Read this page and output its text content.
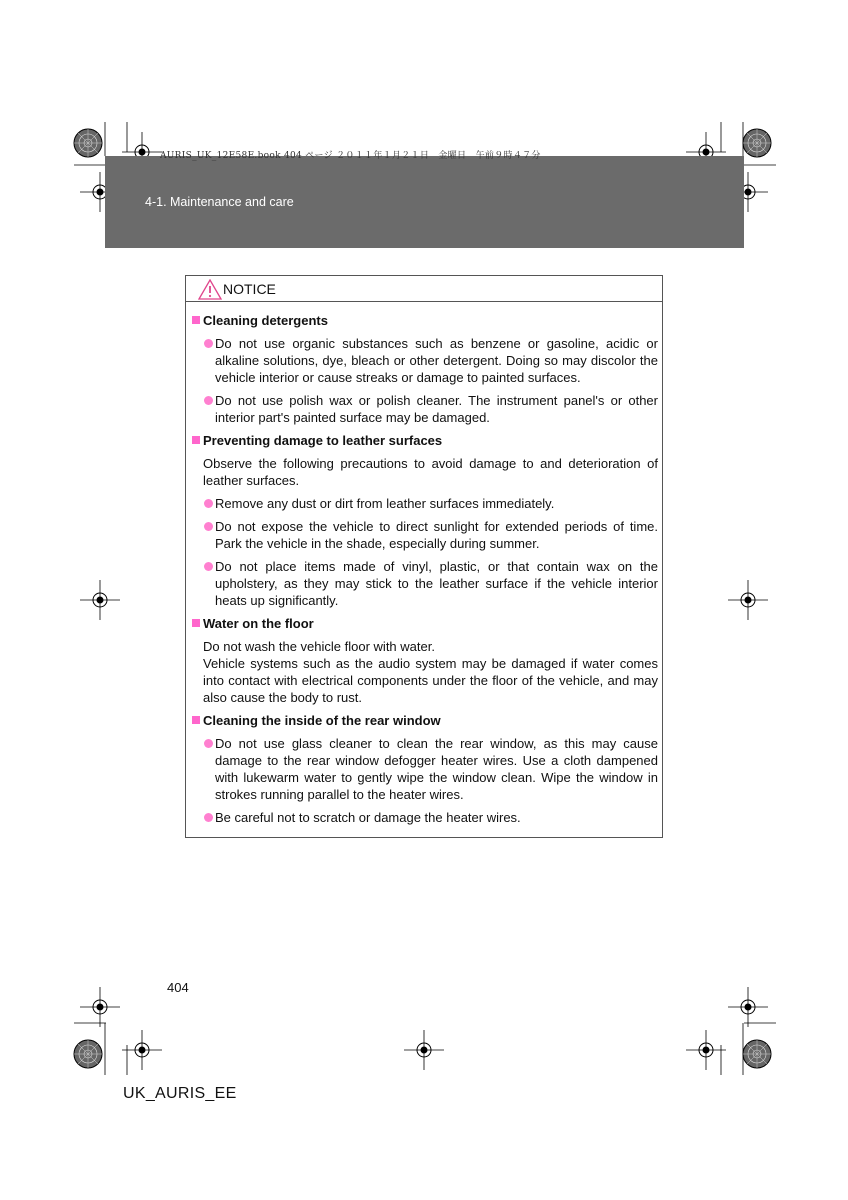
AURIS_UK_12E58E.book 404 ページ ２０１１年１月２１日　金曜日　午前９時４７分
4-1. Maintenance and care
NOTICE
Cleaning detergents
Do not use organic substances such as benzene or gasoline, acidic or alkaline solutions, dye, bleach or other detergent. Doing so may discolor the vehicle interior or cause streaks or damage to painted surfaces.
Do not use polish wax or polish cleaner. The instrument panel's or other interior part's painted surface may be damaged.
Preventing damage to leather surfaces
Observe the following precautions to avoid damage to and deterioration of leather surfaces.
Remove any dust or dirt from leather surfaces immediately.
Do not expose the vehicle to direct sunlight for extended periods of time. Park the vehicle in the shade, especially during summer.
Do not place items made of vinyl, plastic, or that contain wax on the upholstery, as they may stick to the leather surface if the vehicle interior heats up significantly.
Water on the floor
Do not wash the vehicle floor with water.
Vehicle systems such as the audio system may be damaged if water comes into contact with electrical components under the floor of the vehicle, and may also cause the body to rust.
Cleaning the inside of the rear window
Do not use glass cleaner to clean the rear window, as this may cause damage to the rear window defogger heater wires. Use a cloth dampened with lukewarm water to gently wipe the window clean. Wipe the window in strokes running parallel to the heater wires.
Be careful not to scratch or damage the heater wires.
404
UK_AURIS_EE
